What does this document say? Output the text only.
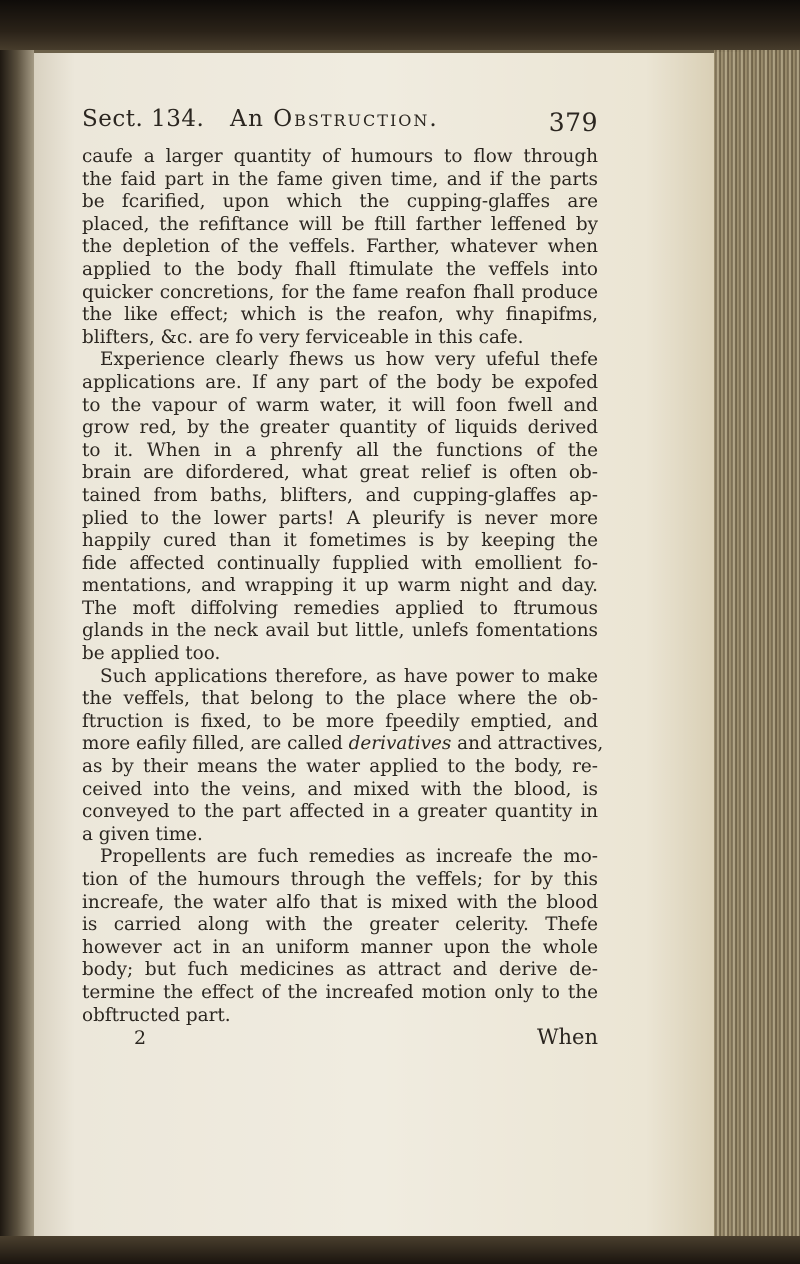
Sect. 134. An Obstruction.	379
caufe a larger quantity of humours to flow through
the faid part in the fame given time, and if the parts
be fcarified, upon which the cupping-glaffes are
placed, the refiftance will be ftill farther leffened by
the depletion of the veffels. Farther, whatever when
applied to the body fhall ftimulate the veffels into
quicker concretions, for the fame reafon fhall produce
the like effect; which is the reafon, why finapifms,
blifters, &c. are fo very ferviceable in this cafe.
Experience clearly fhews us how very ufeful thefe
applications are. If any part of the body be expofed
to the vapour of warm water, it will foon fwell and
grow red, by the greater quantity of liquids derived
to it. When in a phrenfy all the functions of the
brain are difordered, what great relief is often ob-
tained from baths, blifters, and cupping-glaffes ap-
plied to the lower parts! A pleurify is never more
happily cured than it fometimes is by keeping the
fide affected continually fupplied with emollient fo-
mentations, and wrapping it up warm night and day.
The moft diffolving remedies applied to ftrumous
glands in the neck avail but little, unlefs fomentations
be applied too.
Such applications therefore, as have power to make
the veffels, that belong to the place where the ob-
ftruction is fixed, to be more fpeedily emptied, and
more eafily filled, are called derivatives and attractives,
as by their means the water applied to the body, re-
ceived into the veins, and mixed with the blood, is
conveyed to the part affected in a greater quantity in
a given time.
Propellents are fuch remedies as increafe the mo-
tion of the humours through the veffels; for by this
increafe, the water alfo that is mixed with the blood
is carried along with the greater celerity. Thefe
however act in an uniform manner upon the whole
body; but fuch medicines as attract and derive de-
termine the effect of the increafed motion only to the
obftructed part.
2	When
